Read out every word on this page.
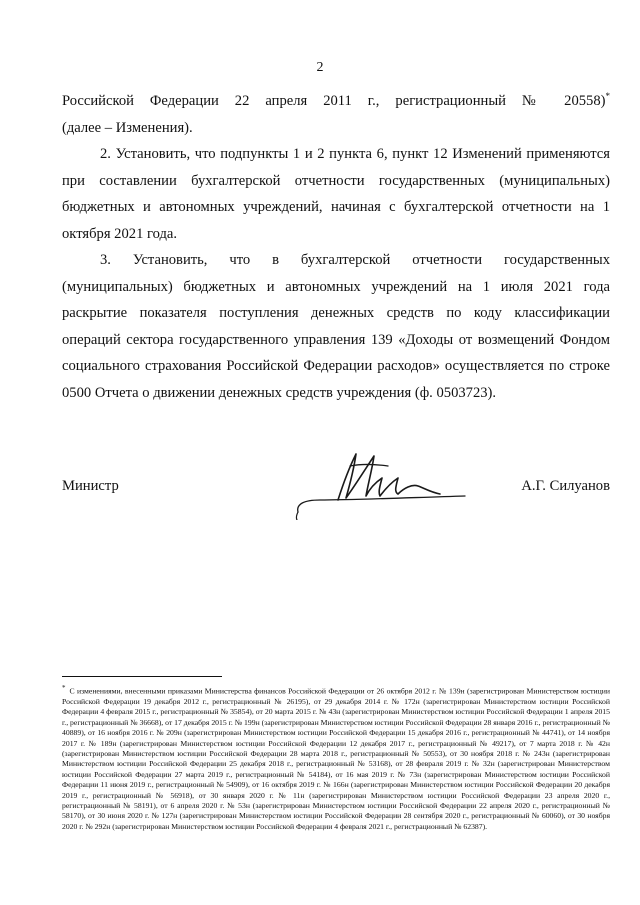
2

Российской Федерации 22 апреля 2011 г., регистрационный № 20558)*

(далее – Изменения).

2. Установить, что подпункты 1 и 2 пункта 6, пункт 12 Изменений применяются при составлении бухгалтерской отчетности государственных (муниципальных) бюджетных и автономных учреждений, начиная с бухгалтерской отчетности на 1 октября 2021 года.

3. Установить, что в бухгалтерской отчетности государственных (муниципальных) бюджетных и автономных учреждений на 1 июля 2021 года раскрытие показателя поступления денежных средств по коду классификации операций сектора государственного управления 139 «Доходы от возмещений Фондом социального страхования Российской Федерации расходов» осуществляется по строке 0500 Отчета о движении денежных средств учреждения (ф. 0503723).

Министр	А.Г. Силуанов
* С изменениями, внесенными приказами Министерства финансов Российской Федерации от 26 октября 2012 г. № 139н (зарегистрирован Министерством юстиции Российской Федерации 19 декабря 2012 г., регистрационный № 26195), от 29 декабря 2014 г. № 172н (зарегистрирован Министерством юстиции Российской Федерации 4 февраля 2015 г., регистрационный № 35854), от 20 марта 2015 г. № 43н (зарегистрирован Министерством юстиции Российской Федерации 1 апреля 2015 г., регистрационный № 36668), от 17 декабря 2015 г. № 199н (зарегистрирован Министерством юстиции Российской Федерации 28 января 2016 г., регистрационный № 40889), от 16 ноября 2016 г. № 209н (зарегистрирован Министерством юстиции Российской Федерации 15 декабря 2016 г., регистрационный № 44741), от 14 ноября 2017 г. № 189н (зарегистрирован Министерством юстиции Российской Федерации 12 декабря 2017 г., регистрационный № 49217), от 7 марта 2018 г. № 42н (зарегистрирован Министерством юстиции Российской Федерации 28 марта 2018 г., регистрационный № 50553), от 30 ноября 2018 г. № 243н (зарегистрирован Министерством юстиции Российской Федерации 25 декабря 2018 г., регистрационный № 53168), от 28 февраля 2019 г. № 32н (зарегистрирован Министерством юстиции Российской Федерации 27 марта 2019 г., регистрационный № 54184), от 16 мая 2019 г. № 73н (зарегистрирован Министерством юстиции Российской Федерации 11 июня 2019 г., регистрационный № 54909), от 16 октября 2019 г. № 166н (зарегистрирован Министерством юстиции Российской Федерации 20 декабря 2019 г., регистрационный № 56918), от 30 января 2020 г. № 11н (зарегистрирован Министерством юстиции Российской Федерации 23 апреля 2020 г., регистрационный № 58191), от 6 апреля 2020 г. № 53н (зарегистрирован Министерством юстиции Российской Федерации 22 апреля 2020 г., регистрационный № 58170), от 30 июня 2020 г. № 127н (зарегистрирован Министерством юстиции Российской Федерации 28 сентября 2020 г., регистрационный № 60060), от 30 ноября 2020 г. № 292н (зарегистрирован Министерством юстиции Российской Федерации 4 февраля 2021 г., регистрационный № 62387).
